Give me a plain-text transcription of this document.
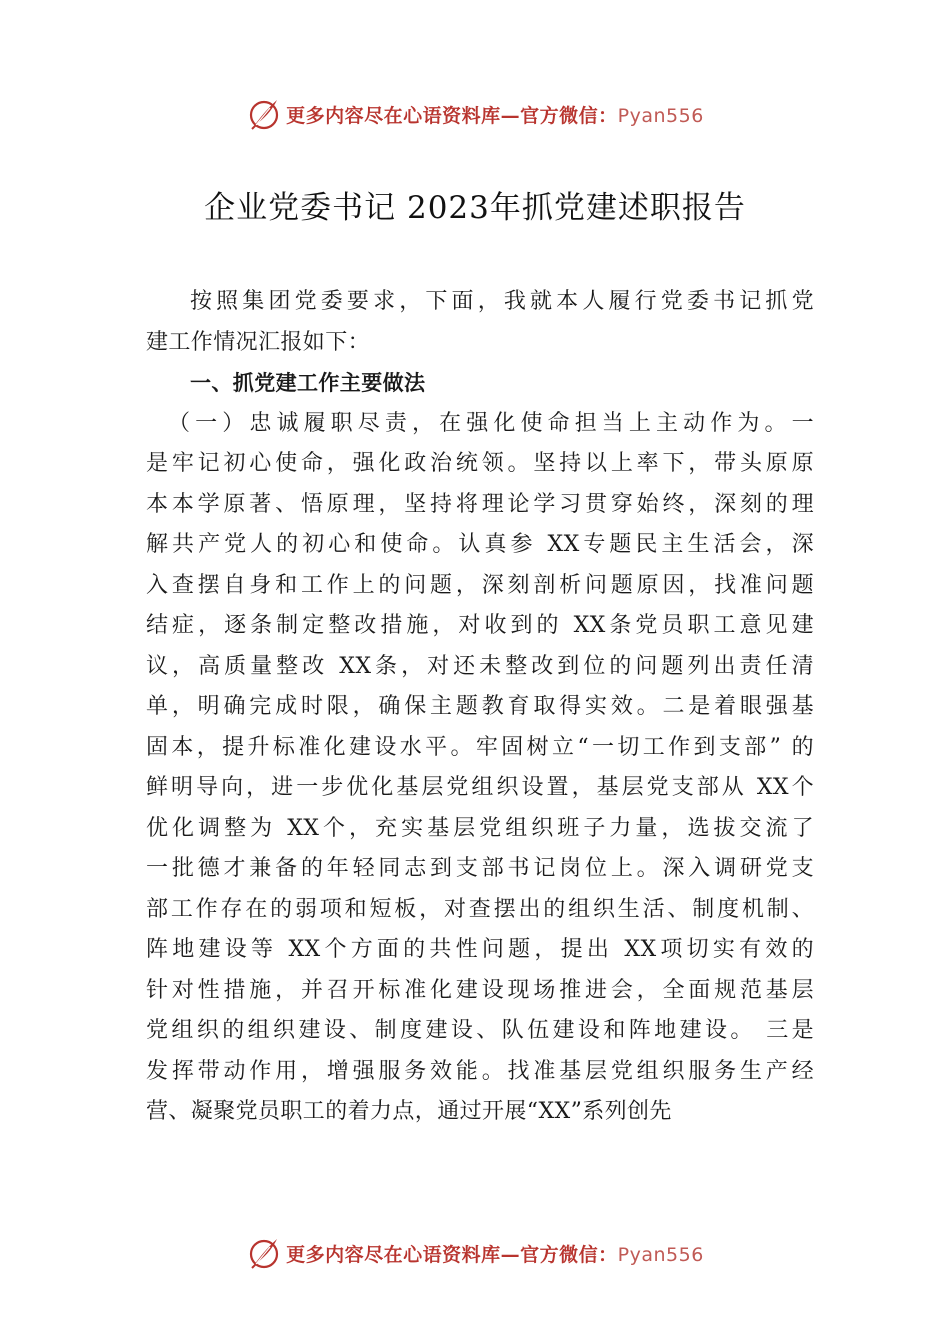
更多内容尽在心语资料库—官方微信：Pyan556
企业党委书记 2023年抓党建述职报告
按照集团党委要求，下面，我就本人履行党委书记抓党
建工作情况汇报如下：
一、抓党建工作主要做法
（一）忠诚履职尽责，在强化使命担当上主动作为。一
是牢记初心使命，强化政治统领。坚持以上率下，带头原原
本本学原著、悟原理，坚持将理论学习贯穿始终，深刻的理
解共产党人的初心和使命。认真参 XX专题民主生活会，深
入查摆自身和工作上的问题，深刻剖析问题原因，找准问题
结症，逐条制定整改措施，对收到的 XX条党员职工意见建
议，高质量整改 XX条，对还未整改到位的问题列出责任清
单，明确完成时限，确保主题教育取得实效。二是着眼强基
固本，提升标准化建设水平。牢固树立“一切工作到支部” 的
鲜明导向，进一步优化基层党组织设置，基层党支部从 XX个
优化调整为 XX个，充实基层党组织班子力量，选拔交流了
一批德才兼备的年轻同志到支部书记岗位上。深入调研党支
部工作存在的弱项和短板，对查摆出的组织生活、制度机制、
阵地建设等 XX个方面的共性问题，提出 XX项切实有效的
针对性措施，并召开标准化建设现场推进会，全面规范基层
党组织的组织建设、制度建设、队伍建设和阵地建设。 三是
发挥带动作用，增强服务效能。找准基层党组织服务生产经
营、凝聚党员职工的着力点，通过开展“XX”系列创先
更多内容尽在心语资料库—官方微信：Pyan556
